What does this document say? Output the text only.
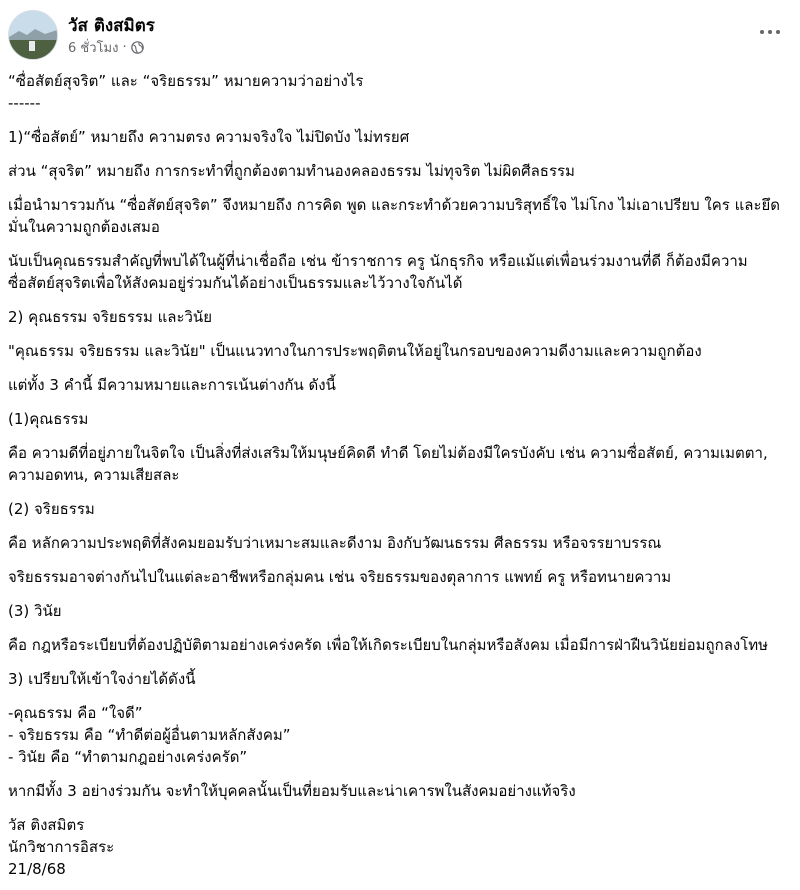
วัส ติงสมิตร
6 ชั่วโมง ·

“ซื่อสัตย์สุจริต” และ “จริยธรรม” หมายความว่าอย่างไร

------

1)“ซื่อสัตย์” หมายถึง ความตรง ความจริงใจ ไม่ปิดบัง ไม่ทรยศ

ส่วน “สุจริต” หมายถึง การกระทำที่ถูกต้องตามทำนองคลองธรรม ไม่ทุจริต ไม่ผิดศีลธรรม

เมื่อนำมารวมกัน “ซื่อสัตย์สุจริต” จึงหมายถึง การคิด พูด และกระทำด้วยความบริสุทธิ์ใจ ไม่โกง ไม่เอาเปรียบ ใคร และยึดมั่นในความถูกต้องเสมอ

นับเป็นคุณธรรมสำคัญที่พบได้ในผู้ที่น่าเชื่อถือ เช่น ข้าราชการ ครู นักธุรกิจ หรือแม้แต่เพื่อนร่วมงานที่ดี ก็ต้องมีความซื่อสัตย์สุจริตเพื่อให้สังคมอยู่ร่วมกันได้อย่างเป็นธรรมและไว้วางใจกันได้

2) คุณธรรม จริยธรรม และวินัย

"คุณธรรม จริยธรรม และวินัย" เป็นแนวทางในการประพฤติตนให้อยู่ในกรอบของความดีงามและความถูกต้อง

แต่ทั้ง 3 คำนี้ มีความหมายและการเน้นต่างกัน ดังนี้

(1)คุณธรรม

คือ ความดีที่อยู่ภายในจิตใจ เป็นสิ่งที่ส่งเสริมให้มนุษย์คิดดี ทำดี โดยไม่ต้องมีใครบังคับ เช่น ความซื่อสัตย์, ความเมตตา, ความอดทน, ความเสียสละ

(2) จริยธรรม

คือ หลักความประพฤติที่สังคมยอมรับว่าเหมาะสมและดีงาม อิงกับวัฒนธรรม ศีลธรรม หรือจรรยาบรรณ

จริยธรรมอาจต่างกันไปในแต่ละอาชีพหรือกลุ่มคน เช่น จริยธรรมของตุลาการ แพทย์ ครู หรือทนายความ

(3) วินัย

คือ กฎหรือระเบียบที่ต้องปฏิบัติตามอย่างเคร่งครัด เพื่อให้เกิดระเบียบในกลุ่มหรือสังคม เมื่อมีการฝ่าฝืนวินัยย่อมถูกลงโทษ

3) เปรียบให้เข้าใจง่ายได้ดังนี้

-คุณธรรม คือ “ใจดี”

- จริยธรรม คือ “ทำดีต่อผู้อื่นตามหลักสังคม”

- วินัย คือ “ทำตามกฎอย่างเคร่งครัด”

หากมีทั้ง 3 อย่างร่วมกัน จะทำให้บุคคลนั้นเป็นที่ยอมรับและน่าเคารพในสังคมอย่างแท้จริง

วัส ติงสมิตร

นักวิชาการอิสระ

21/8/68
